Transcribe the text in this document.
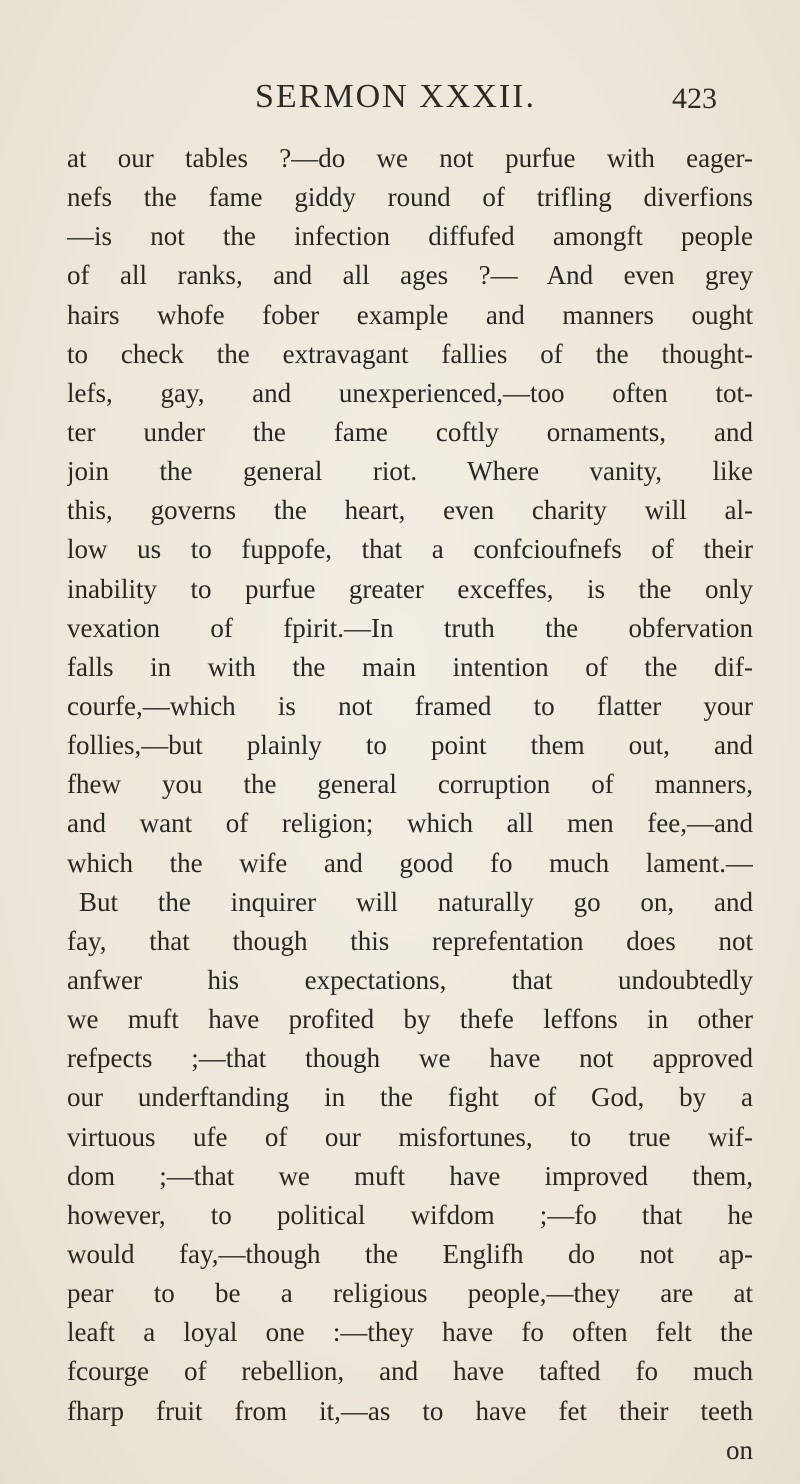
SERMON XXXII.	423
at our tables ?—do we not purfue with eager-
nefs the fame giddy round of trifling diverfions
—is not the infection diffufed amongft people
of all ranks, and all ages ?— And even grey
hairs whofe fober example and manners ought
to check the extravagant fallies of the thought-
lefs, gay, and unexperienced,—too often tot-
ter under the fame coftly ornaments, and
join the general riot. Where vanity, like
this, governs the heart, even charity will al-
low us to fuppofe, that a confcioufnefs of their
inability to purfue greater exceffes, is the only
vexation of fpirit.—In truth the obfervation
falls in with the main intention of the dif-
courfe,—which is not framed to flatter your
follies,—but plainly to point them out, and
fhew you the general corruption of manners,
and want of religion; which all men fee,—and
which the wife and good fo much lament.—
But the inquirer will naturally go on, and
fay, that though this reprefentation does not
anfwer his expectations, that undoubtedly
we muft have profited by thefe leffons in other
refpects ;—that though we have not approved
our underftanding in the fight of God, by a
virtuous ufe of our misfortunes, to true wif-
dom ;—that we muft have improved them,
however, to political wifdom ;—fo that he
would fay,—though the Englifh do not ap-
pear to be a religious people,—they are at
leaft a loyal one :—they have fo often felt the
fcourge of rebellion, and have tafted fo much
fharp fruit from it,—as to have fet their teeth
on
